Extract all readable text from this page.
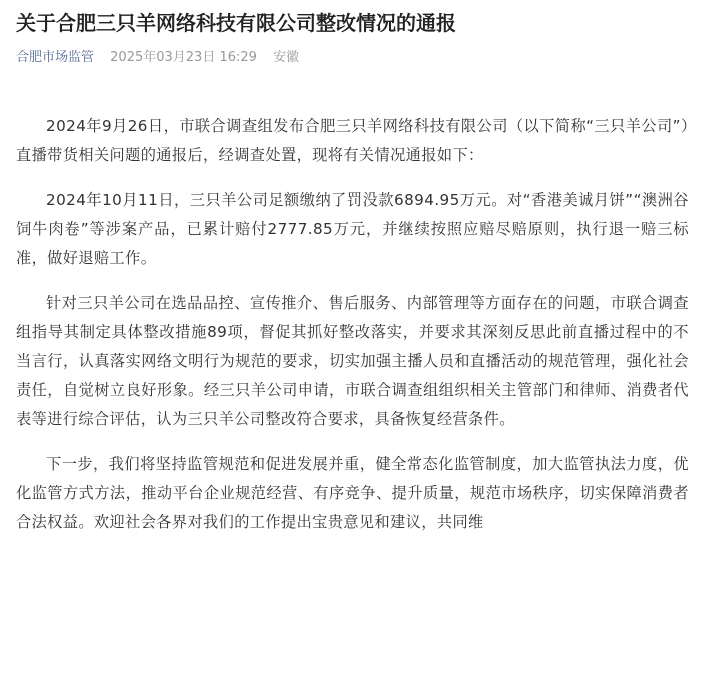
关于合肥三只羊网络科技有限公司整改情况的通报
合肥市场监管 2025年03月23日 16:29 安徽

2024年9月26日，市联合调查组发布合肥三只羊网络科技有限公司（以下简称“三只羊公司”）直播带货相关问题的通报后，经调查处置，现将有关情况通报如下：

2024年10月11日，三只羊公司足额缴纳了罚没款6894.95万元。对“香港美诚月饼”“澳洲谷饲牛肉卷”等涉案产品，已累计赔付2777.85万元，并继续按照应赔尽赔原则，执行退一赔三标准，做好退赔工作。

针对三只羊公司在选品品控、宣传推介、售后服务、内部管理等方面存在的问题，市联合调查组指导其制定具体整改措施89项，督促其抓好整改落实，并要求其深刻反思此前直播过程中的不当言行，认真落实网络文明行为规范的要求，切实加强主播人员和直播活动的规范管理，强化社会责任，自觉树立良好形象。经三只羊公司申请，市联合调查组组织相关主管部门和律师、消费者代表等进行综合评估，认为三只羊公司整改符合要求，具备恢复经营条件。

下一步，我们将坚持监管规范和促进发展并重，健全常态化监管制度，加大监管执法力度，优化监管方式方法，推动平台企业规范经营、有序竞争、提升质量，规范市场秩序，切实保障消费者合法权益。欢迎社会各界对我们的工作提出宝贵意见和建议，共同维
